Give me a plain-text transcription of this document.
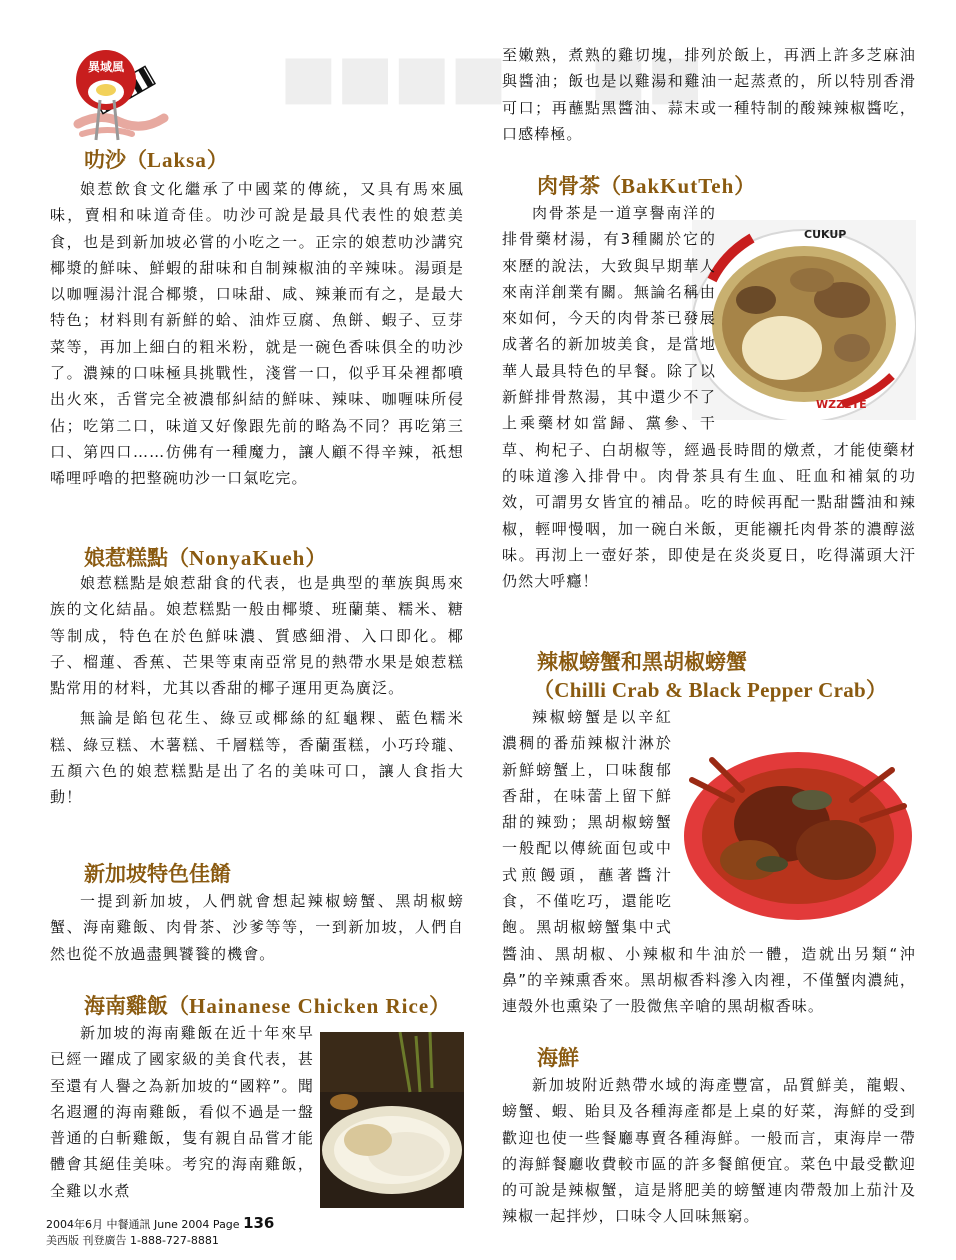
■■■■ ■■
異域風
叻沙（Laksa）

娘惹飲食文化繼承了中國菜的傳統，又具有馬來風味，賣相和味道奇佳。叻沙可說是最具代表性的娘惹美食，也是到新加坡必嘗的小吃之一。正宗的娘惹叻沙講究椰漿的鮮味、鮮蝦的甜味和自制辣椒油的辛辣味。湯頭是以咖喱湯汁混合椰漿，口味甜、咸、辣兼而有之，是最大特色；材料則有新鮮的蛤、油炸豆腐、魚餅、蝦子、豆芽菜等，再加上細白的粗米粉，就是一碗色香味俱全的叻沙了。濃辣的口味極具挑戰性，淺嘗一口，似乎耳朵裡都噴出火來，舌嘗完全被濃郁糾結的鮮味、辣味、咖喱味所侵佔；吃第二口，味道又好像跟先前的略為不同？再吃第三口、第四口……仿佛有一種魔力，讓人顧不得辛辣，祇想唏哩呼嚕的把整碗叻沙一口氣吃完。

娘惹糕點（NonyaKueh）

娘惹糕點是娘惹甜食的代表，也是典型的華族與馬來族的文化結晶。娘惹糕點一般由椰漿、班蘭葉、糯米、糖等制成，特色在於色鮮味濃、質感細滑、入口即化。椰子、榴蓮、香蕉、芒果等東南亞常見的熱帶水果是娘惹糕點常用的材料，尤其以香甜的椰子運用更為廣泛。

無論是餡包花生、綠豆或椰絲的紅龜粿、藍色糯米糕、綠豆糕、木薯糕、千層糕等，香蘭蛋糕，小巧玲瓏、五顏六色的娘惹糕點是出了名的美味可口，讓人食指大動！

新加坡特色佳餚

一提到新加坡，人們就會想起辣椒螃蟹、黑胡椒螃蟹、海南雞飯、肉骨茶、沙爹等等，一到新加坡，人們自然也從不放過盡興饕餮的機會。

海南雞飯（Hainanese Chicken Rice）

新加坡的海南雞飯在近十年來早已經一躍成了國家級的美食代表，甚至還有人譽之為新加坡的“國粹”。聞名遐邇的海南雞飯，看似不過是一盤普通的白斬雞飯，隻有親自品嘗才能體會其絕佳美味。考究的海南雞飯，全雞以水煮

至嫩熟，煮熟的雞切塊，排列於飯上，再洒上許多芝麻油與醬油；飯也是以雞湯和雞油一起蒸煮的，所以特別香滑可口；再蘸點黑醬油、蒜末或一種特制的酸辣辣椒醬吃，口感棒極。

肉骨茶（BakKutTeh）
CUKUP
WZZETE

肉骨茶是一道享譽南洋的排骨藥材湯，有3種關於它的來歷的說法，大致與早期華人來南洋創業有關。無論名稱由來如何，今天的肉骨茶已發展成著名的新加坡美食，是當地華人最具特色的早餐。除了以新鮮排骨熬湯，其中還少不了上乘藥材如當歸、黨參、干草、枸杞子、白胡椒等，經過長時間的燉煮，才能使藥材的味道滲入排骨中。肉骨茶具有生血、旺血和補氣的功效，可謂男女皆宜的補品。吃的時候再配一點甜醬油和辣椒，輕呷慢咽，加一碗白米飯，更能襯托肉骨茶的濃醇滋味。再沏上一壺好茶，即使是在炎炎夏日，吃得滿頭大汗仍然大呼癮！

辣椒螃蟹和黑胡椒螃蟹
（Chilli Crab & Black Pepper Crab）

辣椒螃蟹是以辛紅濃稠的番茄辣椒汁淋於新鮮螃蟹上，口味馥郁香甜，在味蕾上留下鮮甜的辣勁；黑胡椒螃蟹一般配以傳統面包或中式煎饅頭，蘸著醬汁食，不僅吃巧，還能吃飽。黑胡椒螃蟹集中式醬油、黑胡椒、小辣椒和牛油於一體，造就出另類“沖鼻”的辛辣熏香來。黑胡椒香料滲入肉裡，不僅蟹肉濃純，連殼外也熏染了一股微焦辛嗆的黑胡椒香味。

海鮮

新加坡附近熱帶水域的海產豐富，品質鮮美，龍蝦、螃蟹、蝦、貽貝及各種海產都是上桌的好菜，海鮮的受到歡迎也使一些餐廳專賣各種海鮮。一般而言，東海岸一帶的海鮮餐廳收費較市區的許多餐館便宜。菜色中最受歡迎的可說是辣椒蟹，這是將肥美的螃蟹連肉帶殼加上茄汁及辣椒一起拌炒，口味令人回味無窮。

2004年6月 中餐通訊 June 2004 Page 136
美西版 刊登廣告 1-888-727-8881
